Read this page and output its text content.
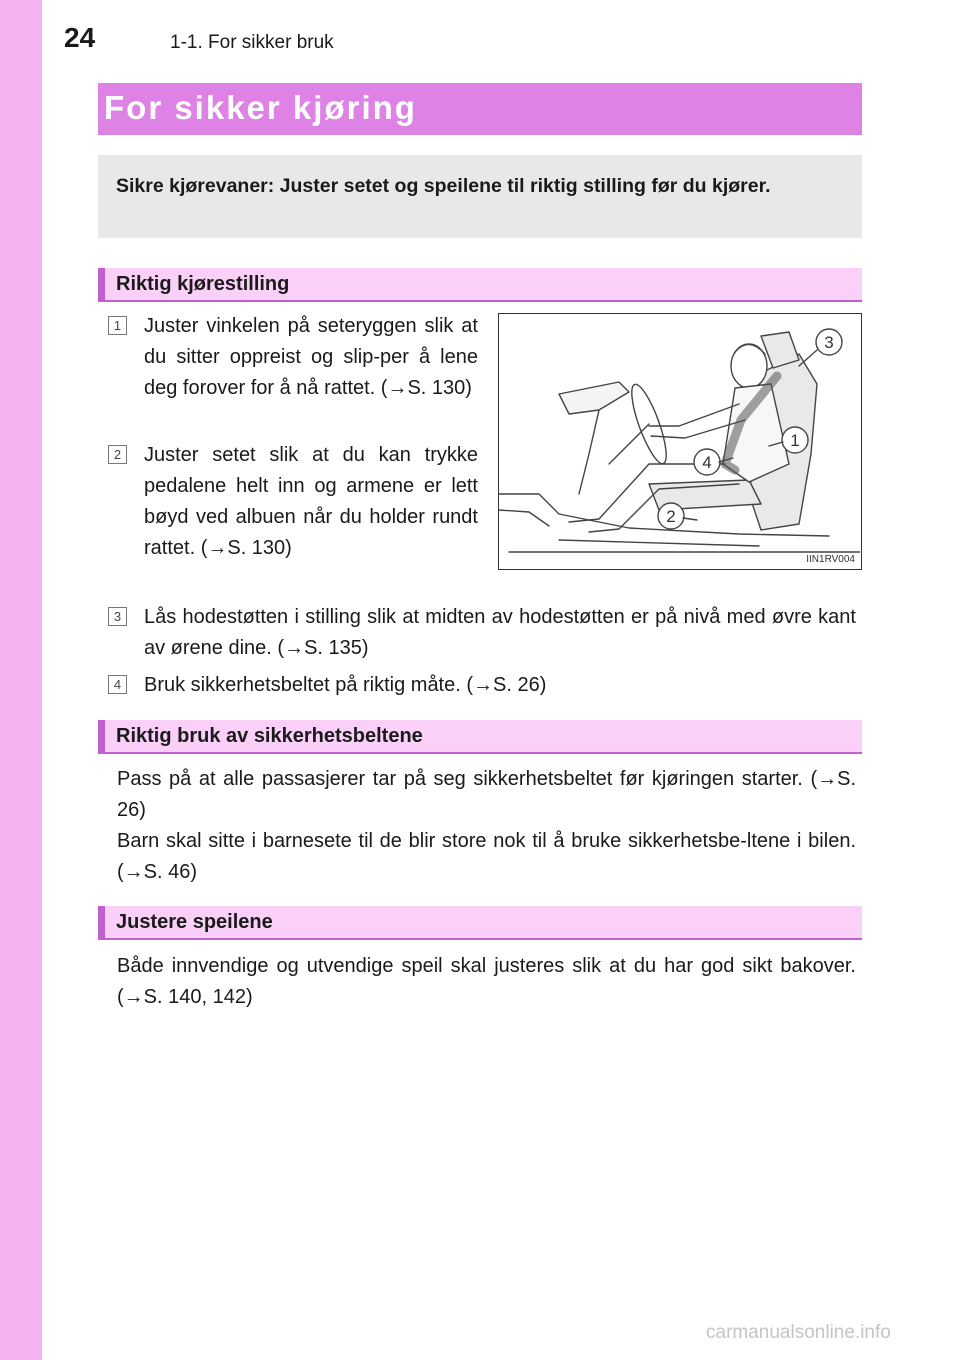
24	1-1. For sikker bruk
For sikker kjøring

Sikre kjørevaner: Juster setet og speilene til riktig stilling før du kjører.

Riktig kjørestilling
1 Juster vinkelen på seteryggen slik at du sitter oppreist og slip-per å lene deg forover for å nå rattet. (→S. 130)

2 Juster setet slik at du kan trykke pedalene helt inn og armene er lett bøyd ved albuen når du holder rundt rattet. (→S. 130)

3 Lås hodestøtten i stilling slik at midten av hodestøtten er på nivå med øvre kant av ørene dine. (→S. 135)

4 Bruk sikkerhetsbeltet på riktig måte. (→S. 26)

1
2
3
4
IIN1RV004
Riktig bruk av sikkerhetsbeltene

Pass på at alle passasjerer tar på seg sikkerhetsbeltet før kjøringen starter. (→S. 26)

Barn skal sitte i barnesete til de blir store nok til å bruke sikkerhetsbe-ltene i bilen. (→S. 46)

Justere speilene

Både innvendige og utvendige speil skal justeres slik at du har god sikt bakover. (→S. 140, 142)

carmanualsonline.info
